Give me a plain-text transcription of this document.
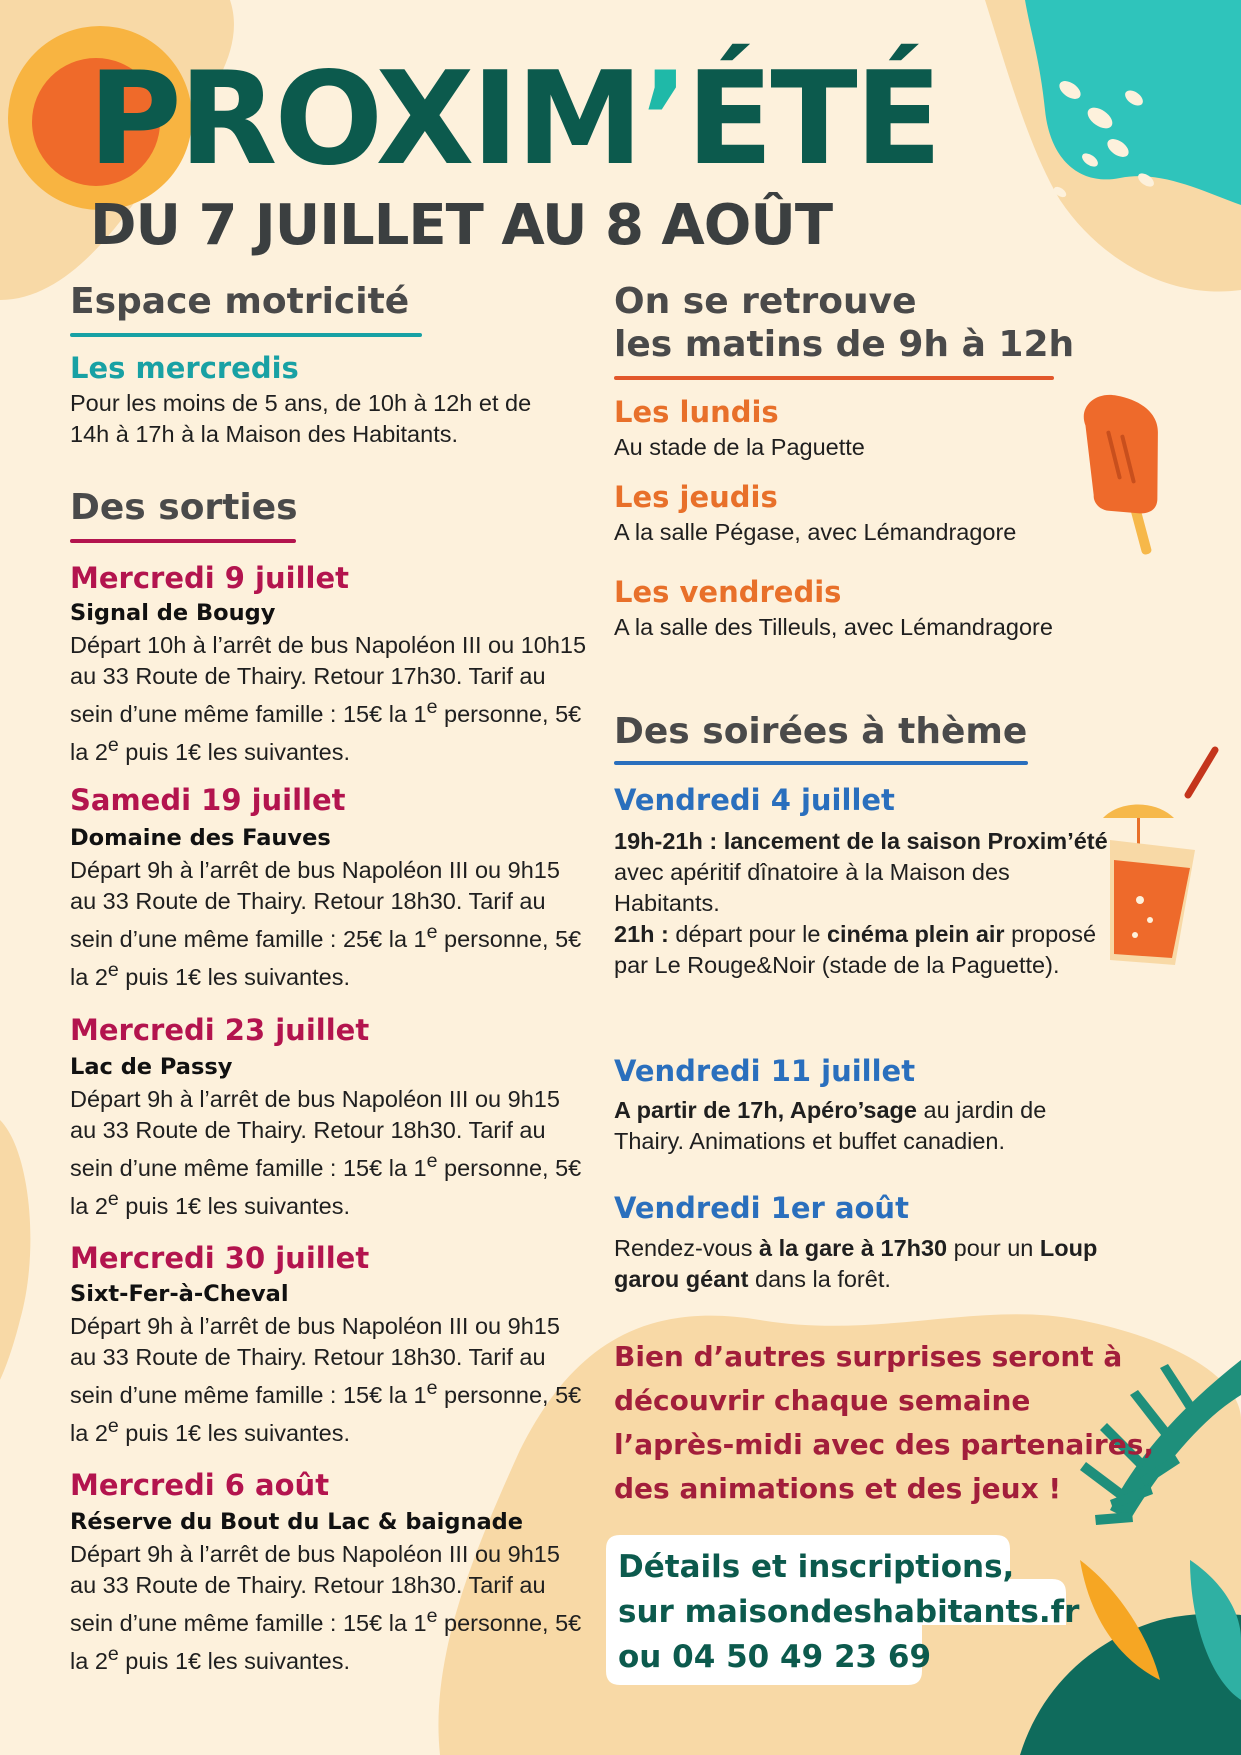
PROXIM’ÉTÉ
DU 7 JUILLET AU 8 AOÛT
Espace motricité
Les mercredis
Pour les moins de 5 ans, de 10h à 12h et de 14h à 17h à la Maison des Habitants.
Des sorties
Mercredi 9 juillet
Signal de Bougy
Départ 10h à l’arrêt de bus Napoléon III ou 10h15 au 33 Route de Thairy. Retour 17h30. Tarif au sein d’une même famille : 15€ la 1e personne, 5€ la 2e puis 1€ les suivantes.
Samedi 19 juillet
Domaine des Fauves
Départ 9h à l’arrêt de bus Napoléon III ou 9h15 au 33 Route de Thairy. Retour 18h30. Tarif au sein d’une même famille : 25€ la 1e personne, 5€ la 2e puis 1€ les suivantes.
Mercredi 23 juillet
Lac de Passy
Départ 9h à l’arrêt de bus Napoléon III ou 9h15 au 33 Route de Thairy. Retour 18h30. Tarif au sein d’une même famille : 15€ la 1e personne, 5€ la 2e puis 1€ les suivantes.
Mercredi 30 juillet
Sixt-Fer-à-Cheval
Départ 9h à l’arrêt de bus Napoléon III ou 9h15 au 33 Route de Thairy. Retour 18h30. Tarif au sein d’une même famille : 15€ la 1e personne, 5€ la 2e puis 1€ les suivantes.
Mercredi 6 août
Réserve du Bout du Lac & baignade
Départ 9h à l’arrêt de bus Napoléon III ou 9h15 au 33 Route de Thairy. Retour 18h30. Tarif au sein d’une même famille : 15€ la 1e personne, 5€ la 2e puis 1€ les suivantes.
On se retrouve
les matins de 9h à 12h
Les lundis
Au stade de la Paguette
Les jeudis
A la salle Pégase, avec Lémandragore
Les vendredis
A la salle des Tilleuls, avec Lémandragore
Des soirées à thème
Vendredi 4 juillet
19h-21h : lancement de la saison Proxim’été avec apéritif dînatoire à la Maison des Habitants.
21h : départ pour le cinéma plein air proposé par Le Rouge&Noir (stade de la Paguette).
Vendredi 11 juillet
A partir de 17h, Apéro’sage au jardin de Thairy. Animations et buffet canadien.
Vendredi 1er août
Rendez-vous à la gare à 17h30 pour un Loup garou géant dans la forêt.
Bien d’autres surprises seront à
découvrir chaque semaine
l’après-midi avec des partenaires,
des animations et des jeux !
Détails et inscriptions,
sur maisondeshabitants.fr
ou 04 50 49 23 69
